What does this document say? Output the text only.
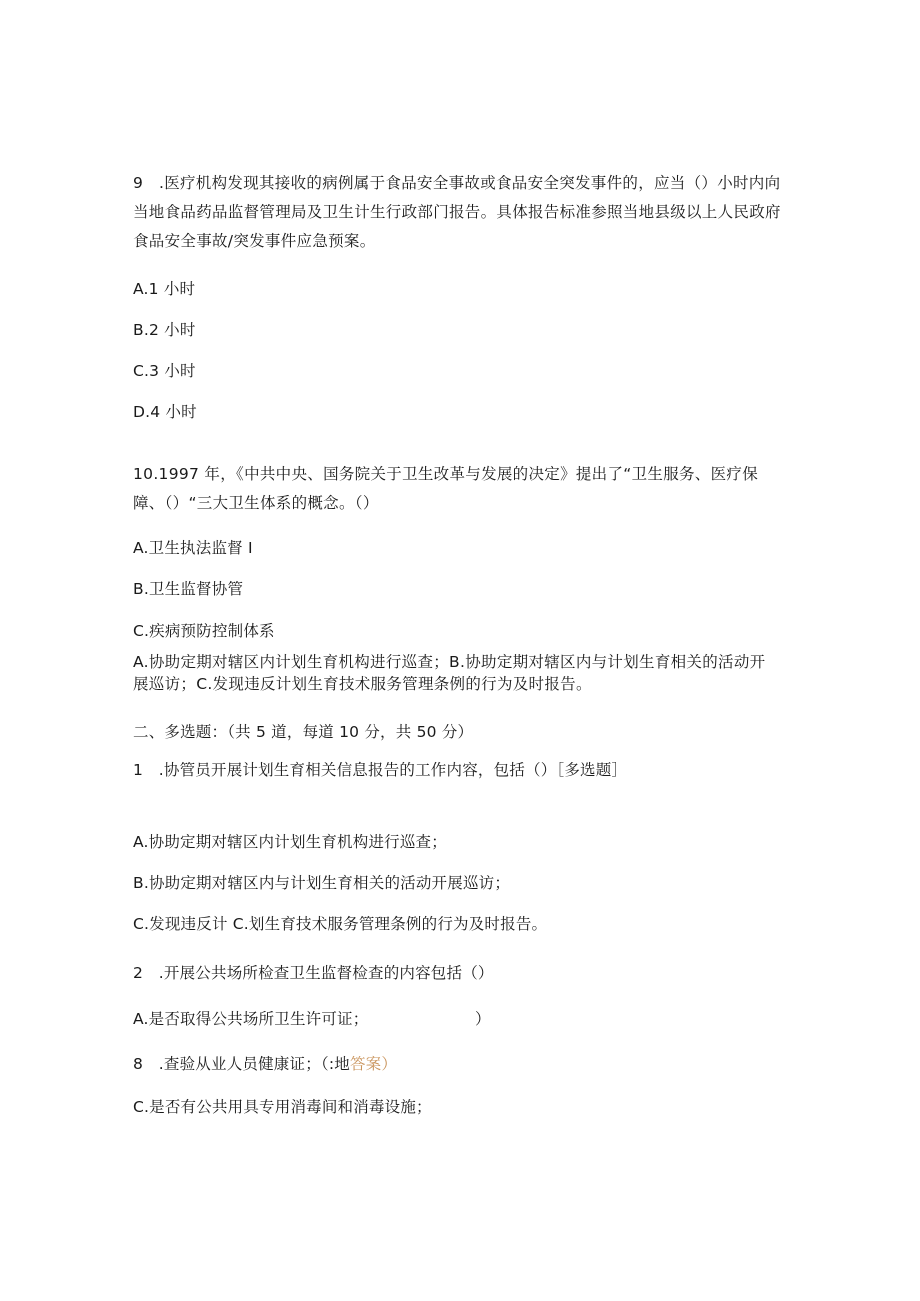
9　.医疗机构发现其接收的病例属于食品安全事故或食品安全突发事件的，应当（）小时内向当地食品药品监督管理局及卫生计生行政部门报告。具体报告标准参照当地县级以上人民政府食品安全事故/突发事件应急预案。
A.1 小时
B.2 小时
C.3 小时
D.4 小时
10.1997 年，《中共中央、国务院关于卫生改革与发展的决定》提出了“卫生服务、医疗保障、（）“三大卫生体系的概念。（）
A.卫生执法监督 I
B.卫生监督协管
C.疾病预防控制体系
A.协助定期对辖区内计划生育机构进行巡查；B.协助定期对辖区内与计划生育相关的活动开展巡访；C.发现违反计划生育技术服务管理条例的行为及时报告。
二、多选题：（共 5 道，每道 10 分，共 50 分）
1　.协管员开展计划生育相关信息报告的工作内容，包括（）［多选题］
A.协助定期对辖区内计划生育机构进行巡查；
B.协助定期对辖区内与计划生育相关的活动开展巡访；
C.发现违反计 C.划生育技术服务管理条例的行为及时报告。
2　.开展公共场所检查卫生监督检查的内容包括（）
A.是否取得公共场所卫生许可证；	）
8　.查验从业人员健康证；（:地答案）
C.是否有公共用具专用消毒间和消毒设施；
